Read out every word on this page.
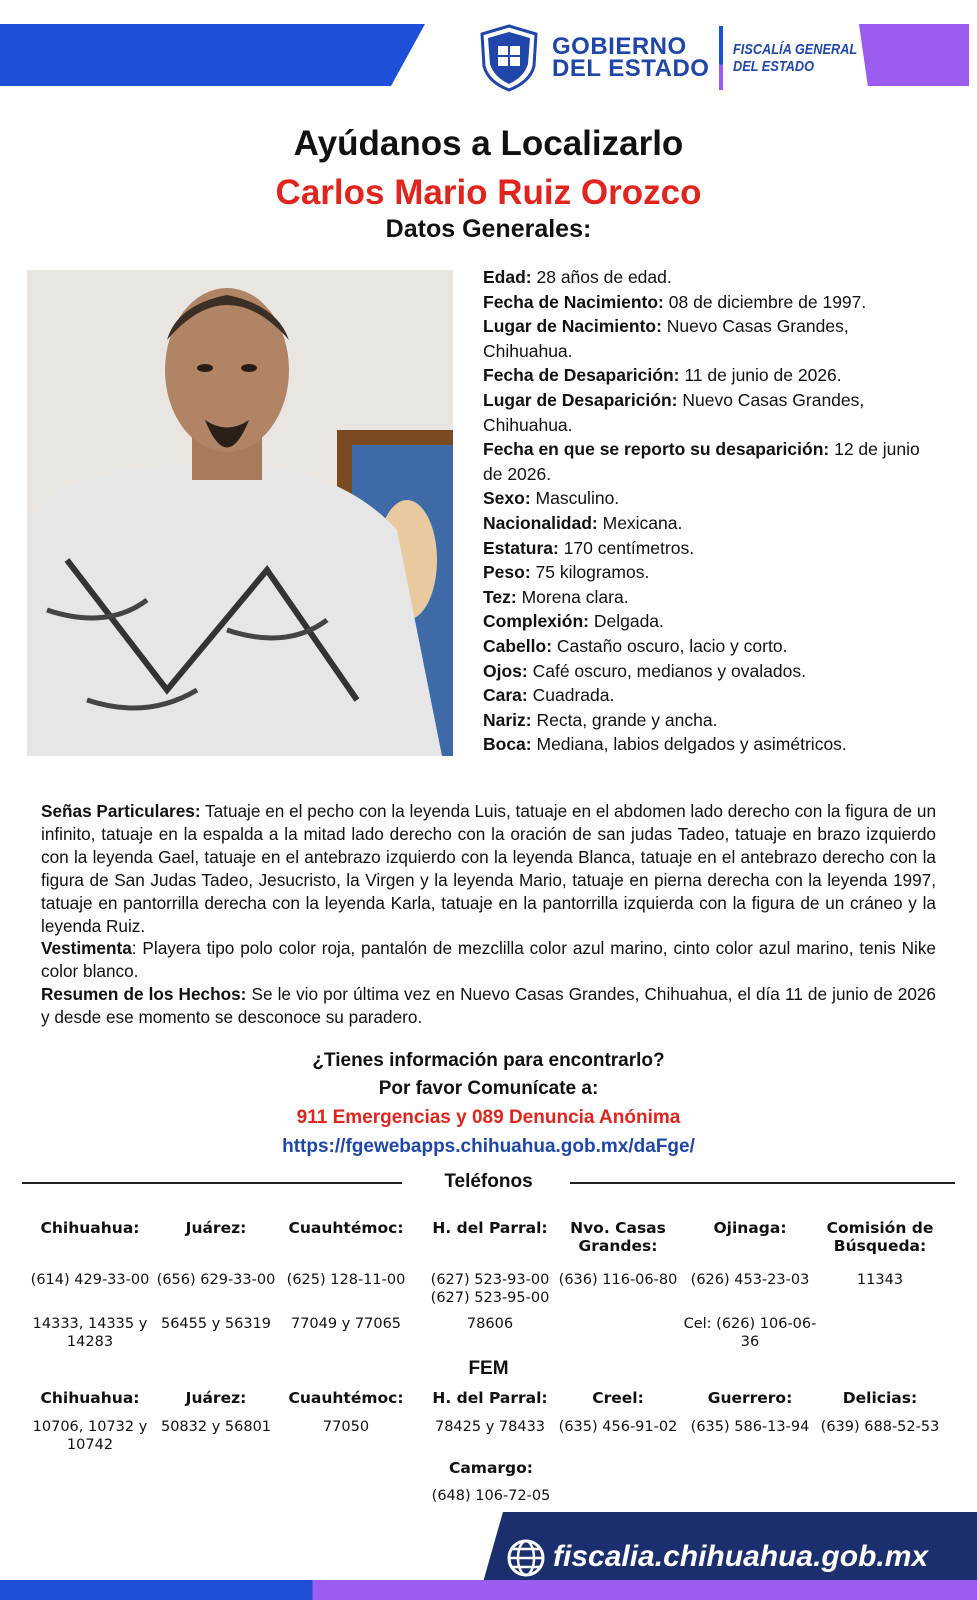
GOBIERNO
DEL ESTADO
FISCALÍA GENERAL
DEL ESTADO
Ayúdanos a Localizarlo
Carlos Mario Ruiz Orozco
Datos Generales:
Edad: 28 años de edad.
Fecha de Nacimiento: 08 de diciembre de 1997.
Lugar de Nacimiento: Nuevo Casas Grandes, Chihuahua.
Fecha de Desaparición: 11 de junio de 2026.
Lugar de Desaparición: Nuevo Casas Grandes, Chihuahua.
Fecha en que se reporto su desaparición: 12 de junio de 2026.
Sexo: Masculino.
Nacionalidad: Mexicana.
Estatura: 170 centímetros.
Peso: 75 kilogramos.
Tez: Morena clara.
Complexión: Delgada.
Cabello: Castaño oscuro, lacio y corto.
Ojos: Café oscuro, medianos y ovalados.
Cara: Cuadrada.
Nariz: Recta, grande y ancha.
Boca: Mediana, labios delgados y asimétricos.
Señas Particulares: Tatuaje en el pecho con la leyenda Luis, tatuaje en el abdomen lado derecho con la figura de un infinito, tatuaje en la espalda a la mitad lado derecho con la oración de san judas Tadeo, tatuaje en brazo izquierdo con la leyenda Gael, tatuaje en el antebrazo izquierdo con la leyenda Blanca, tatuaje en el antebrazo derecho con la figura de San Judas Tadeo, Jesucristo, la Virgen y la leyenda Mario, tatuaje en pierna derecha con la leyenda 1997, tatuaje en pantorrilla derecha con la leyenda Karla, tatuaje en la pantorrilla izquierda con la figura de un cráneo y la leyenda Ruiz.
Vestimenta: Playera tipo polo color roja, pantalón de mezclilla color azul marino, cinto color azul marino, tenis Nike color blanco.
Resumen de los Hechos: Se le vio por última vez en Nuevo Casas Grandes, Chihuahua, el día 11 de junio de 2026 y desde ese momento se desconoce su paradero.
¿Tienes información para encontrarlo?
Por favor Comunícate a:
911 Emergencias y 089 Denuncia Anónima
https://fgewebapps.chihuahua.gob.mx/daFge/
Teléfonos
Chihuahua:
(614) 429-33-00
14333, 14335 y 14283
Juárez:
(656) 629-33-00
56455 y 56319
Cuauhtémoc:
(625) 128-11-00
77049 y 77065
H. del Parral:
(627) 523-93-00 (627) 523-95-00
78606
Nvo. Casas Grandes:
(636) 116-06-80
Ojinaga:
(626) 453-23-03
Cel: (626) 106-06-36
Comisión de Búsqueda:
11343
FEM
Chihuahua:
10706, 10732 y 10742
Juárez:
50832 y 56801
Cuauhtémoc:
77050
H. del Parral:
78425 y 78433
Creel:
(635) 456-91-02
Guerrero:
(635) 586-13-94
Delicias:
(639) 688-52-53
Camargo:
(648) 106-72-05
fiscalia.chihuahua.gob.mx
